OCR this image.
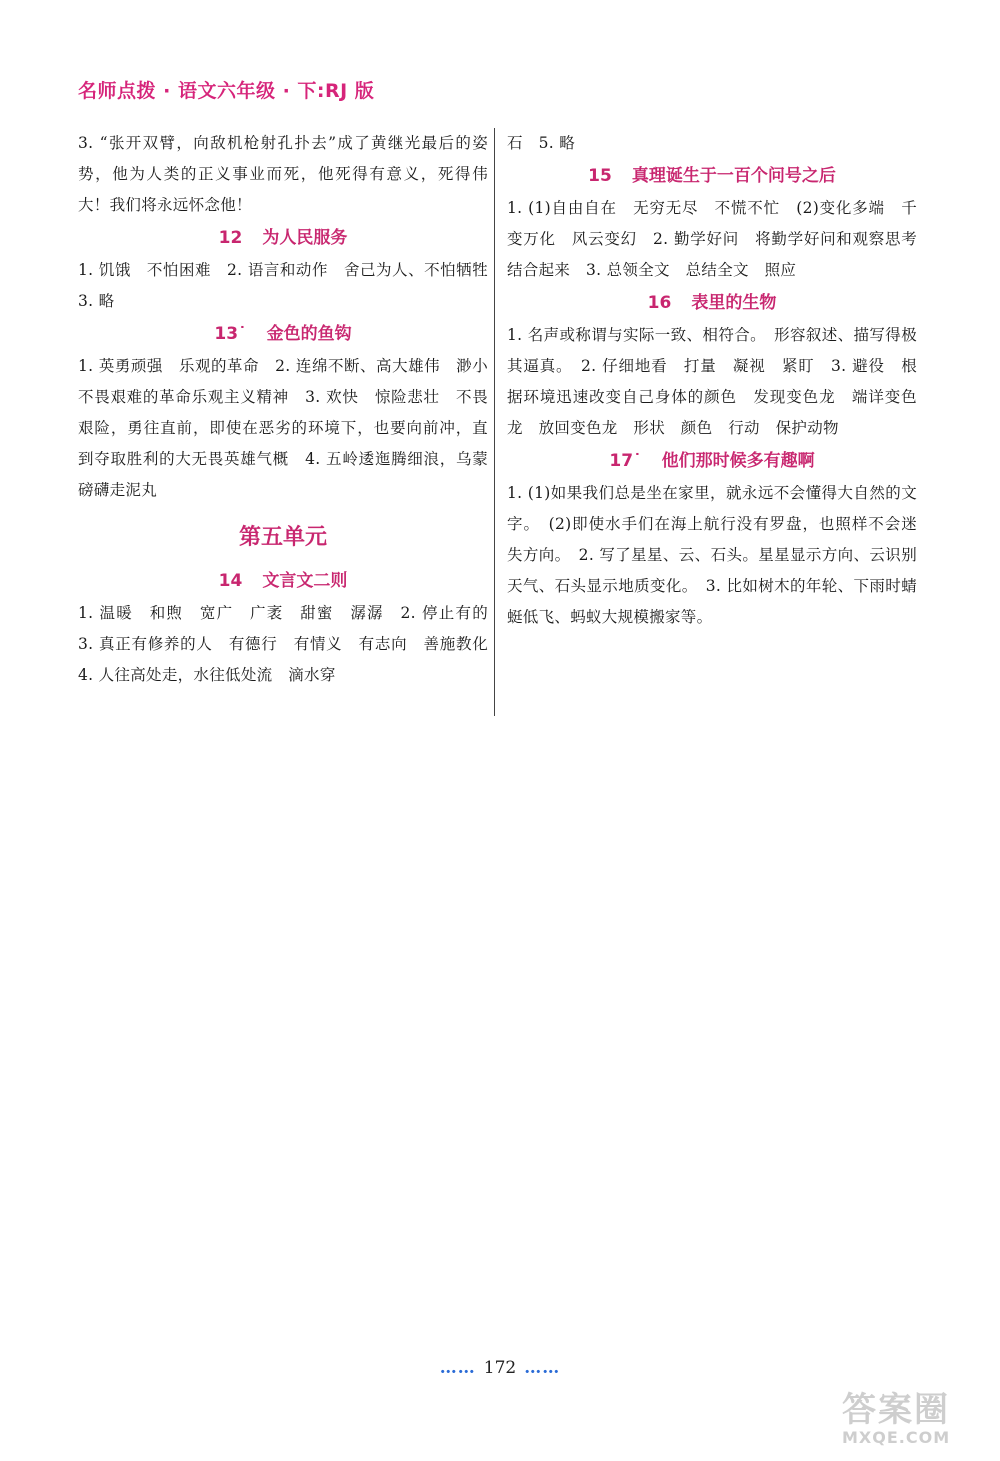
名师点拨 · 语文六年级 · 下:RJ 版

3. “张开双臂，向敌机枪射孔扑去”成了黄继光最后的姿势，他为人类的正义事业而死，他死得有意义，死得伟大！我们将永远怀念他！

12 为人民服务

1. 饥饿　不怕困难　2. 语言和动作　舍己为人、不怕牺牲　3. 略

13˙ 金色的鱼钩

1. 英勇顽强　乐观的革命　2. 连绵不断、高大雄伟　渺小　不畏艰难的革命乐观主义精神　3. 欢快　惊险悲壮　不畏艰险，勇往直前，即使在恶劣的环境下，也要向前冲，直到夺取胜利的大无畏英雄气概　4. 五岭逶迤腾细浪，乌蒙磅礴走泥丸

第五单元
14 文言文二则

1. 温暖　和煦　宽广　广袤　甜蜜　潺潺　2. 停止有的　3. 真正有修养的人　有德行　有情义　有志向　善施教化　4. 人往高处走，水往低处流　滴水穿

石　5. 略

15 真理诞生于一百个问号之后

1. (1)自由自在　无穷无尽　不慌不忙　(2)变化多端　千变万化　风云变幻　2. 勤学好问　将勤学好问和观察思考结合起来　3. 总领全文　总结全文　照应

16 表里的生物

1. 名声或称谓与实际一致、相符合。　形容叙述、描写得极其逼真。　2. 仔细地看　打量　凝视　紧盯　3. 避役　根据环境迅速改变自己身体的颜色　发现变色龙　端详变色龙　放回变色龙　形状　颜色　行动　保护动物

17˙ 他们那时候多有趣啊

1. (1)如果我们总是坐在家里，就永远不会懂得大自然的文字。　(2)即使水手们在海上航行没有罗盘，也照样不会迷失方向。　2. 写了星星、云、石头。星星显示方向、云识别天气、石头显示地质变化。　3. 比如树木的年轮、下雨时蜻蜓低飞、蚂蚁大规模搬家等。

…… 172 ……
答案圈
MXQE.COM
